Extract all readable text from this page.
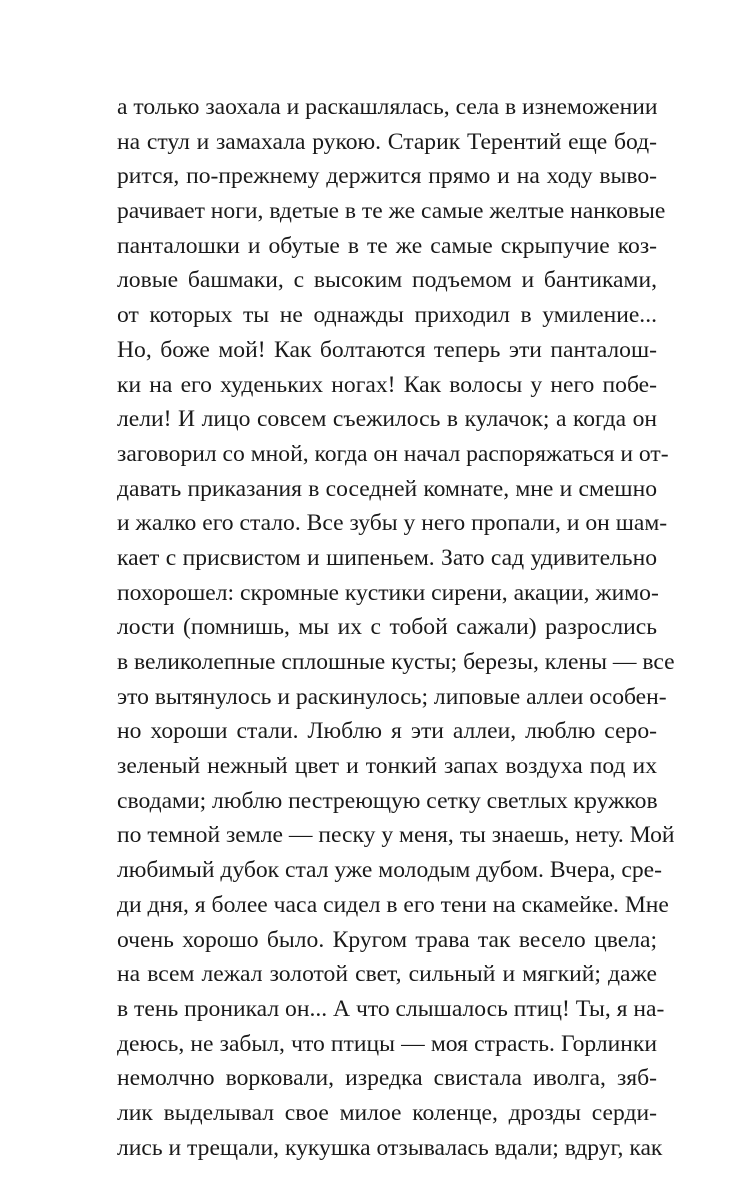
а только заохала и раскашлялась, села в изнеможении
на стул и замахала рукою. Старик Терентий еще бод-
рится, по-прежнему держится прямо и на ходу выво-
рачивает ноги, вдетые в те же самые желтые нанковые
панталошки и обутые в те же самые скрыпучие коз-
ловые башмаки, с высоким подъемом и бантиками,
от которых ты не однажды приходил в умиление...
Но, боже мой! Как болтаются теперь эти панталош-
ки на его худеньких ногах! Как волосы у него побе-
лели! И лицо совсем съежилось в кулачок; а когда он
заговорил со мной, когда он начал распоряжаться и от-
давать приказания в соседней комнате, мне и смешно
и жалко его стало. Все зубы у него пропали, и он шам-
кает с присвистом и шипеньем. Зато сад удивительно
похорошел: скромные кустики сирени, акации, жимо-
лости (помнишь, мы их с тобой сажали) разрослись
в великолепные сплошные кусты; березы, клены — все
это вытянулось и раскинулось; липовые аллеи особен-
но хороши стали. Люблю я эти аллеи, люблю серо-
зеленый нежный цвет и тонкий запах воздуха под их
сводами; люблю пестреющую сетку светлых кружков
по темной земле — песку у меня, ты знаешь, нету. Мой
любимый дубок стал уже молодым дубом. Вчера, сре-
ди дня, я более часа сидел в его тени на скамейке. Мне
очень хорошо было. Кругом трава так весело цвела;
на всем лежал золотой свет, сильный и мягкий; даже
в тень проникал он... А что слышалось птиц! Ты, я на-
деюсь, не забыл, что птицы — моя страсть. Горлинки
немолчно ворковали, изредка свистала иволга, зяб-
лик выделывал свое милое коленце, дрозды серди-
лись и трещали, кукушка отзывалась вдали; вдруг, как
